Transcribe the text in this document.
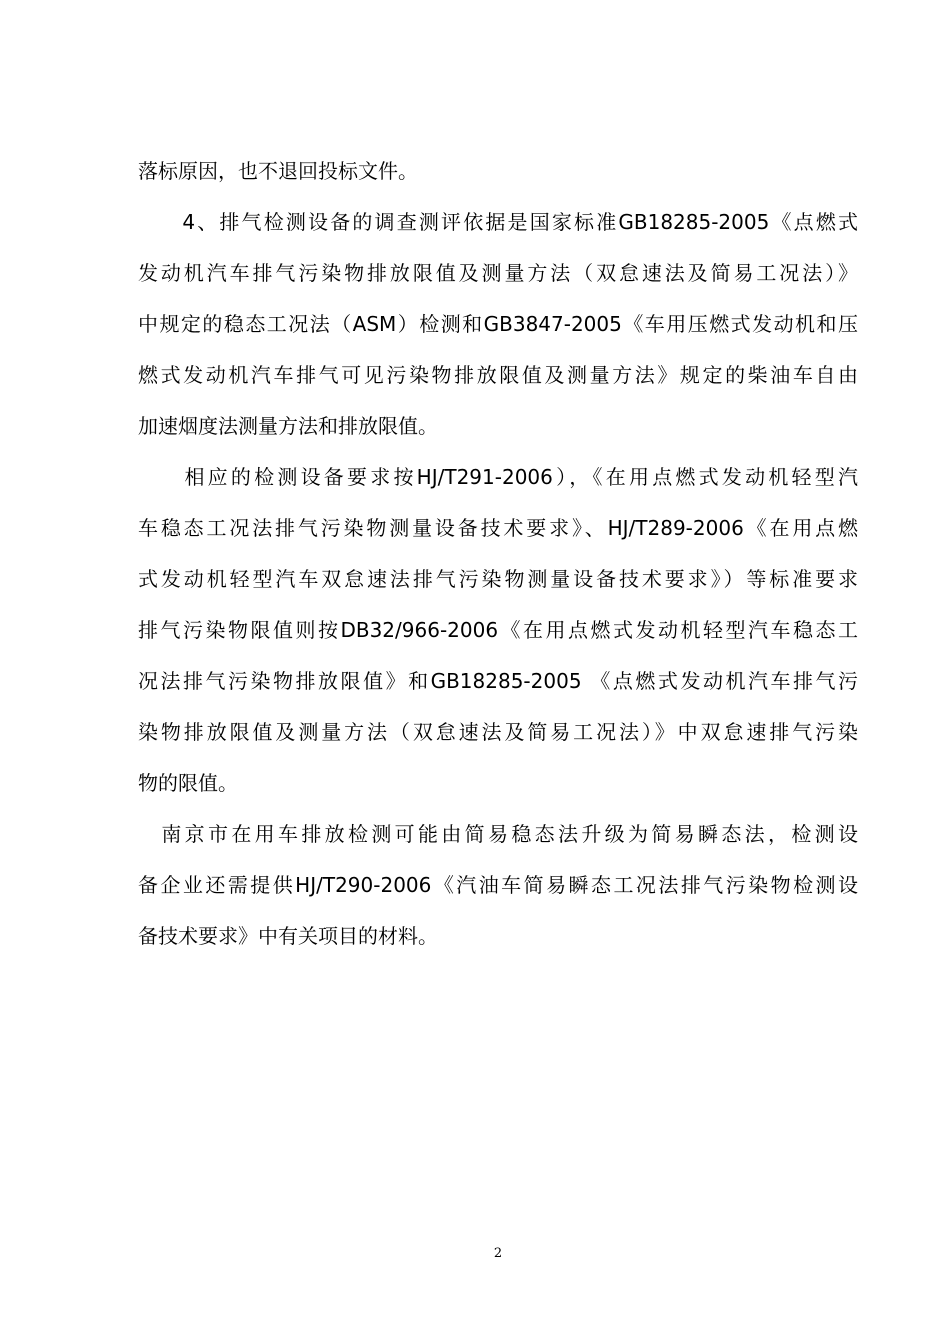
落标原因，也不退回投标文件。
　　4、排气检测设备的调查测评依据是国家标准GB18285-2005《点燃式
发动机汽车排气污染物排放限值及测量方法（双怠速法及简易工况法）》
中规定的稳态工况法（ASM）检测和GB3847-2005《车用压燃式发动机和压
燃式发动机汽车排气可见污染物排放限值及测量方法》规定的柴油车自由
加速烟度法测量方法和排放限值。
　　相应的检测设备要求按HJ/T291-2006），《在用点燃式发动机轻型汽
车稳态工况法排气污染物测量设备技术要求》、HJ/T289-2006《在用点燃
式发动机轻型汽车双怠速法排气污染物测量设备技术要求》）等标准要求
排气污染物限值则按DB32/966-2006《在用点燃式发动机轻型汽车稳态工
况法排气污染物排放限值》和GB18285-2005 《点燃式发动机汽车排气污
染物排放限值及测量方法（双怠速法及简易工况法）》中双怠速排气污染
物的限值。
　南京市在用车排放检测可能由简易稳态法升级为简易瞬态法，检测设
备企业还需提供HJ/T290-2006《汽油车简易瞬态工况法排气污染物检测设
备技术要求》中有关项目的材料。
2
